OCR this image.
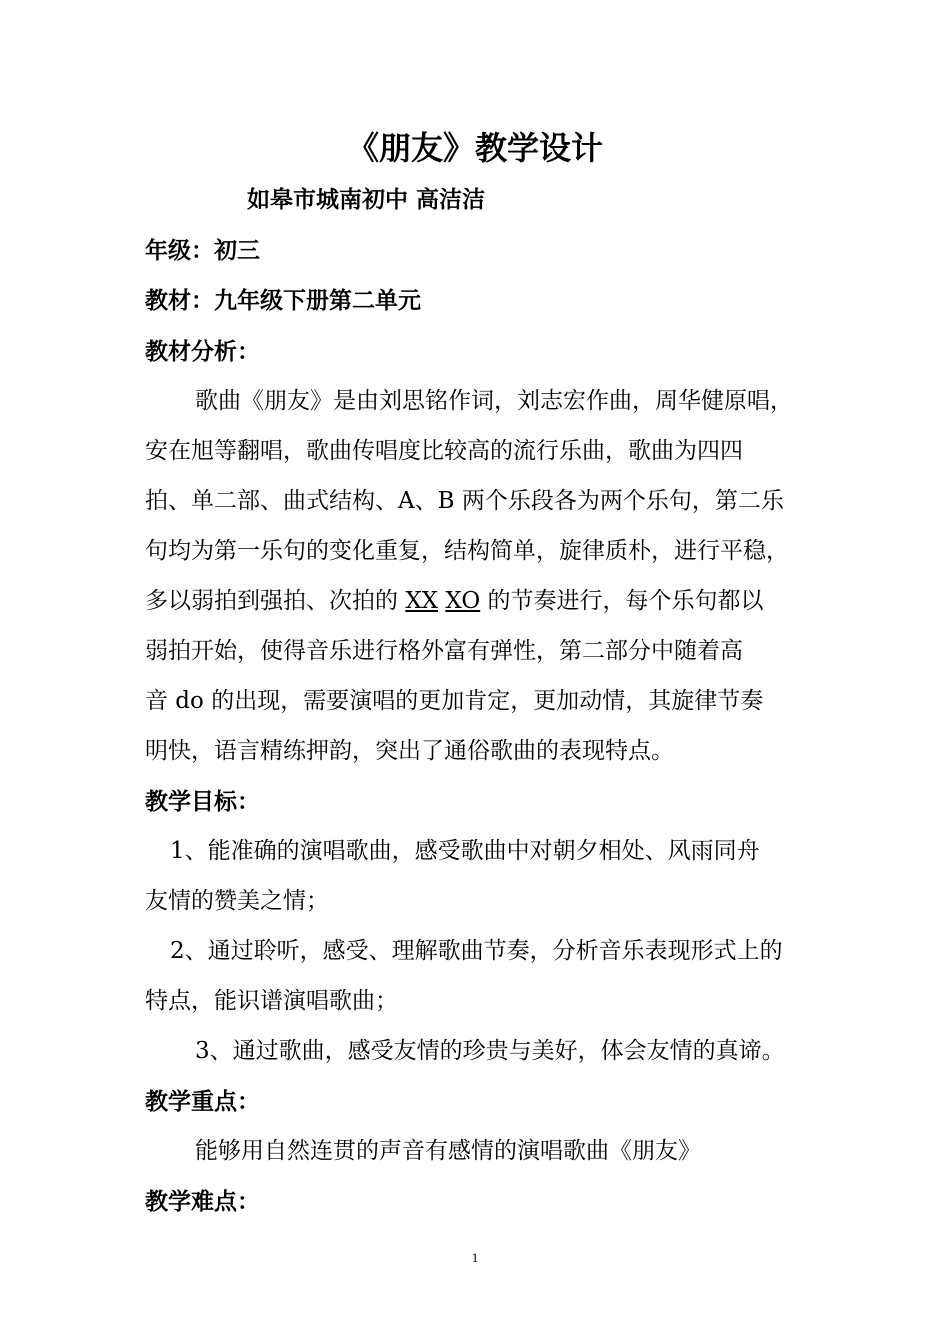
《朋友》教学设计
如皋市城南初中 高洁洁
年级：初三
教材：九年级下册第二单元
教材分析：
歌曲《朋友》是由刘思铭作词，刘志宏作曲，周华健原唱，
安在旭等翻唱，歌曲传唱度比较高的流行乐曲，歌曲为四四
拍、单二部、曲式结构、A、B 两个乐段各为两个乐句，第二乐
句均为第一乐句的变化重复，结构简单，旋律质朴，进行平稳，
多以弱拍到强拍、次拍的 XX XO 的节奏进行，每个乐句都以
弱拍开始，使得音乐进行格外富有弹性，第二部分中随着高
音 do 的出现，需要演唱的更加肯定，更加动情，其旋律节奏
明快，语言精练押韵，突出了通俗歌曲的表现特点。
教学目标：
1、能准确的演唱歌曲，感受歌曲中对朝夕相处、风雨同舟
友情的赞美之情；
2、通过聆听，感受、理解歌曲节奏，分析音乐表现形式上的
特点，能识谱演唱歌曲；
3、通过歌曲，感受友情的珍贵与美好，体会友情的真谛。
教学重点：
能够用自然连贯的声音有感情的演唱歌曲《朋友》
教学难点：
1
